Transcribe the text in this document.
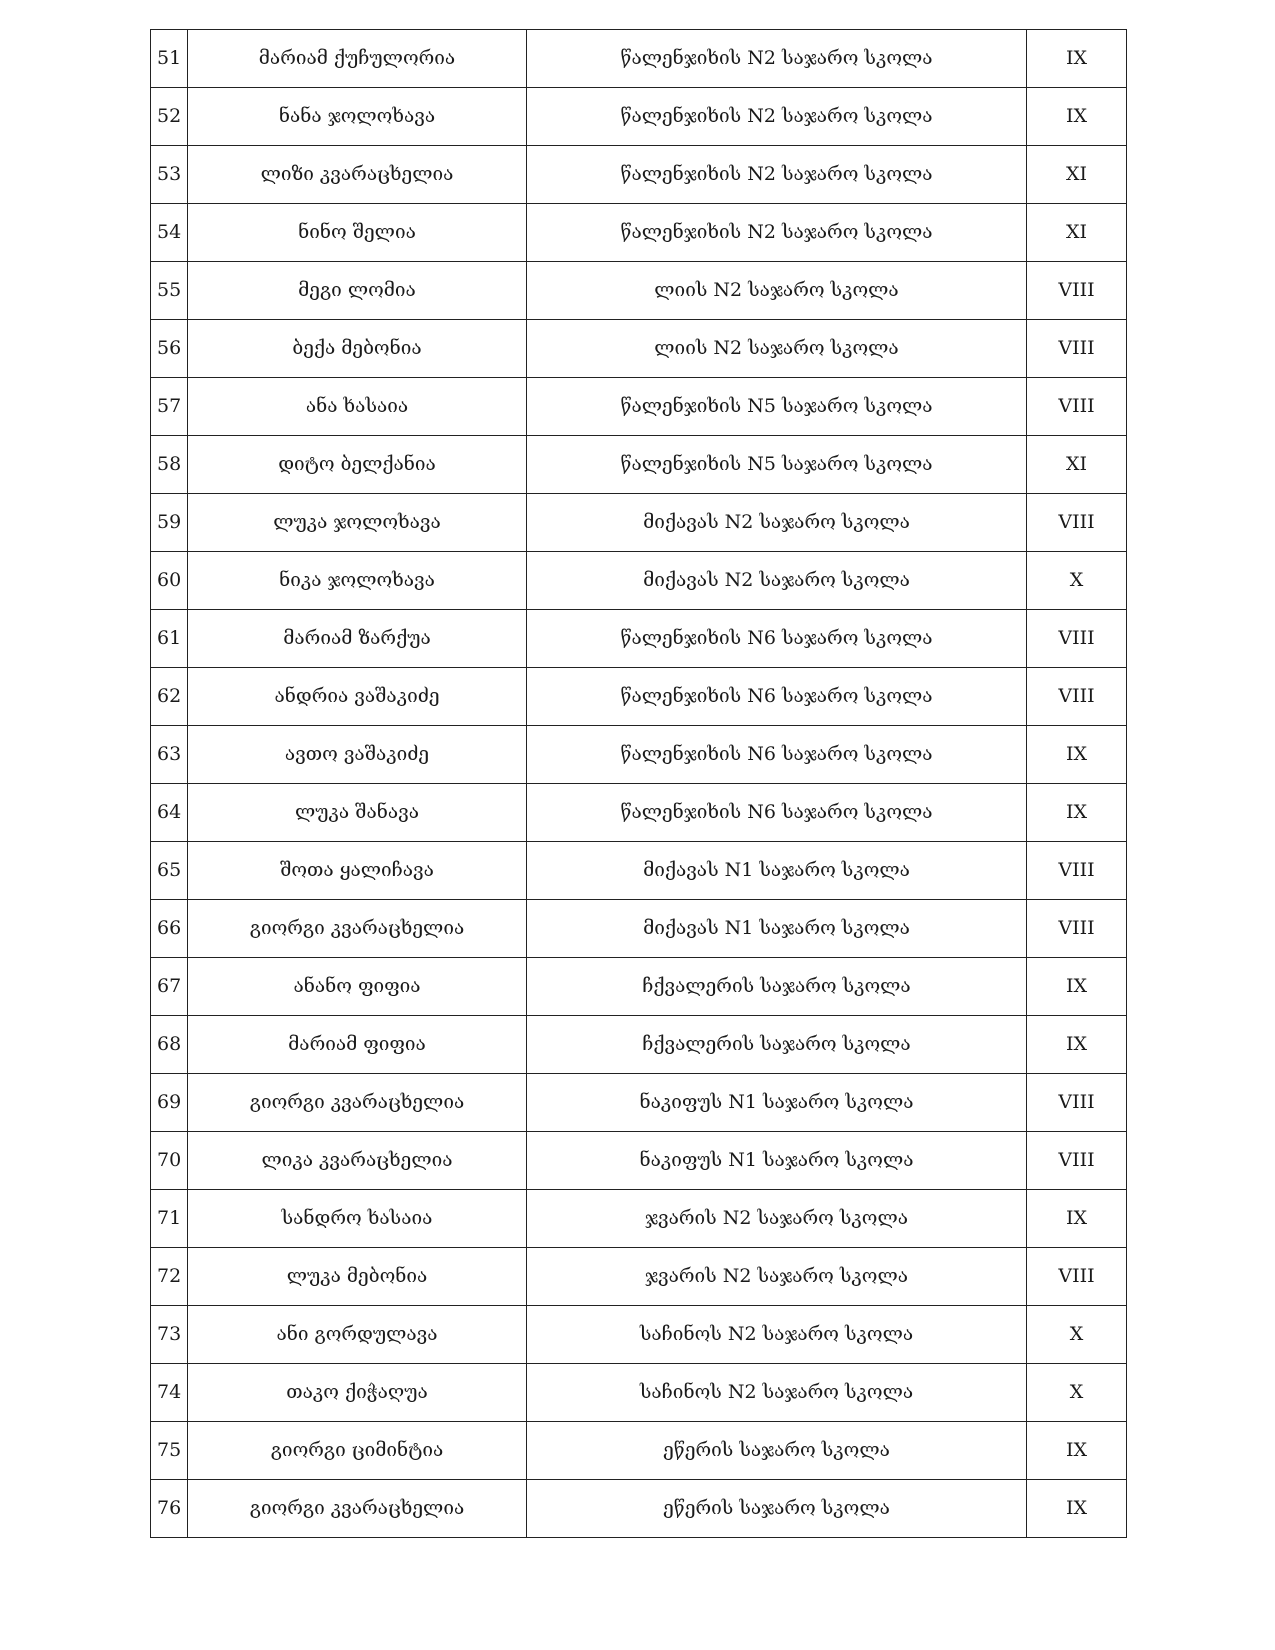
51	მარიამ ქუჩულორია	წალენჯიხის N2 საჯარო სკოლა	IX
52	ნანა ჯოლოხავა	წალენჯიხის N2 საჯარო სკოლა	IX
53	ლიზი კვარაცხელია	წალენჯიხის N2 საჯარო სკოლა	XI
54	ნინო შელია	წალენჯიხის N2 საჯარო სკოლა	XI
55	მეგი ლომია	ლიის N2 საჯარო სკოლა	VIII
56	ბექა მებონია	ლიის N2 საჯარო სკოლა	VIII
57	ანა ხასაია	წალენჯიხის N5 საჯარო სკოლა	VIII
58	დიტო ბელქანია	წალენჯიხის N5 საჯარო სკოლა	XI
59	ლუკა ჯოლოხავა	მიქავას N2 საჯარო სკოლა	VIII
60	ნიკა ჯოლოხავა	მიქავას N2 საჯარო სკოლა	X
61	მარიამ ზარქუა	წალენჯიხის N6 საჯარო სკოლა	VIII
62	ანდრია ვაშაკიძე	წალენჯიხის N6 საჯარო სკოლა	VIII
63	ავთო ვაშაკიძე	წალენჯიხის N6 საჯარო სკოლა	IX
64	ლუკა შანავა	წალენჯიხის N6 საჯარო სკოლა	IX
65	შოთა ყალიჩავა	მიქავას N1 საჯარო სკოლა	VIII
66	გიორგი კვარაცხელია	მიქავას N1 საჯარო სკოლა	VIII
67	ანანო ფიფია	ჩქვალერის საჯარო სკოლა	IX
68	მარიამ ფიფია	ჩქვალერის საჯარო სკოლა	IX
69	გიორგი კვარაცხელია	ნაკიფუს N1 საჯარო სკოლა	VIII
70	ლიკა კვარაცხელია	ნაკიფუს N1 საჯარო სკოლა	VIII
71	სანდრო ხასაია	ჯვარის N2 საჯარო სკოლა	IX
72	ლუკა მებონია	ჯვარის N2 საჯარო სკოლა	VIII
73	ანი გორდულავა	საჩინოს N2 საჯარო სკოლა	X
74	თაკო ქიჭაღუა	საჩინოს N2 საჯარო სკოლა	X
75	გიორგი ციმინტია	ეწერის საჯარო სკოლა	IX
76	გიორგი კვარაცხელია	ეწერის საჯარო სკოლა	IX
